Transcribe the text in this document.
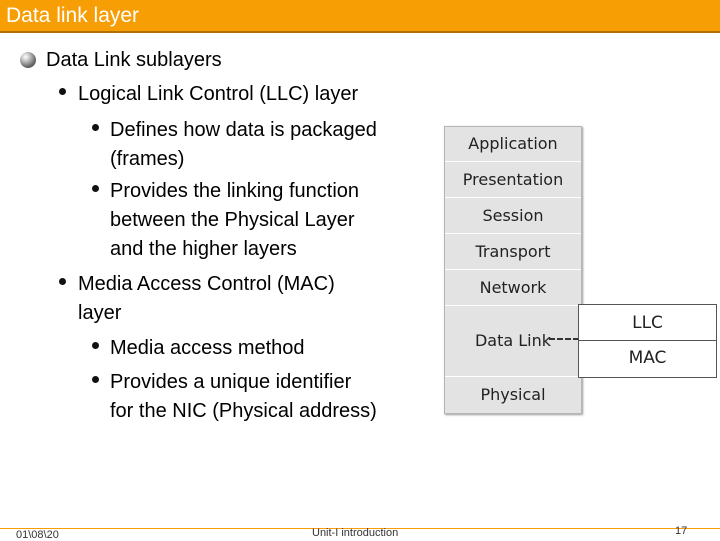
Data link layer
Data Link sublayers
Logical Link Control (LLC) layer
Defines how data is packaged
(frames)
Provides the linking function
between the Physical Layer
and the higher layers
Media Access Control (MAC)
layer
Media access method
Provides a unique identifier
for the NIC (Physical address)
Application
Presentation
Session
Transport
Network
Data Link
Physical
LLC
MAC
01\08\20	Unit-I introduction	17
